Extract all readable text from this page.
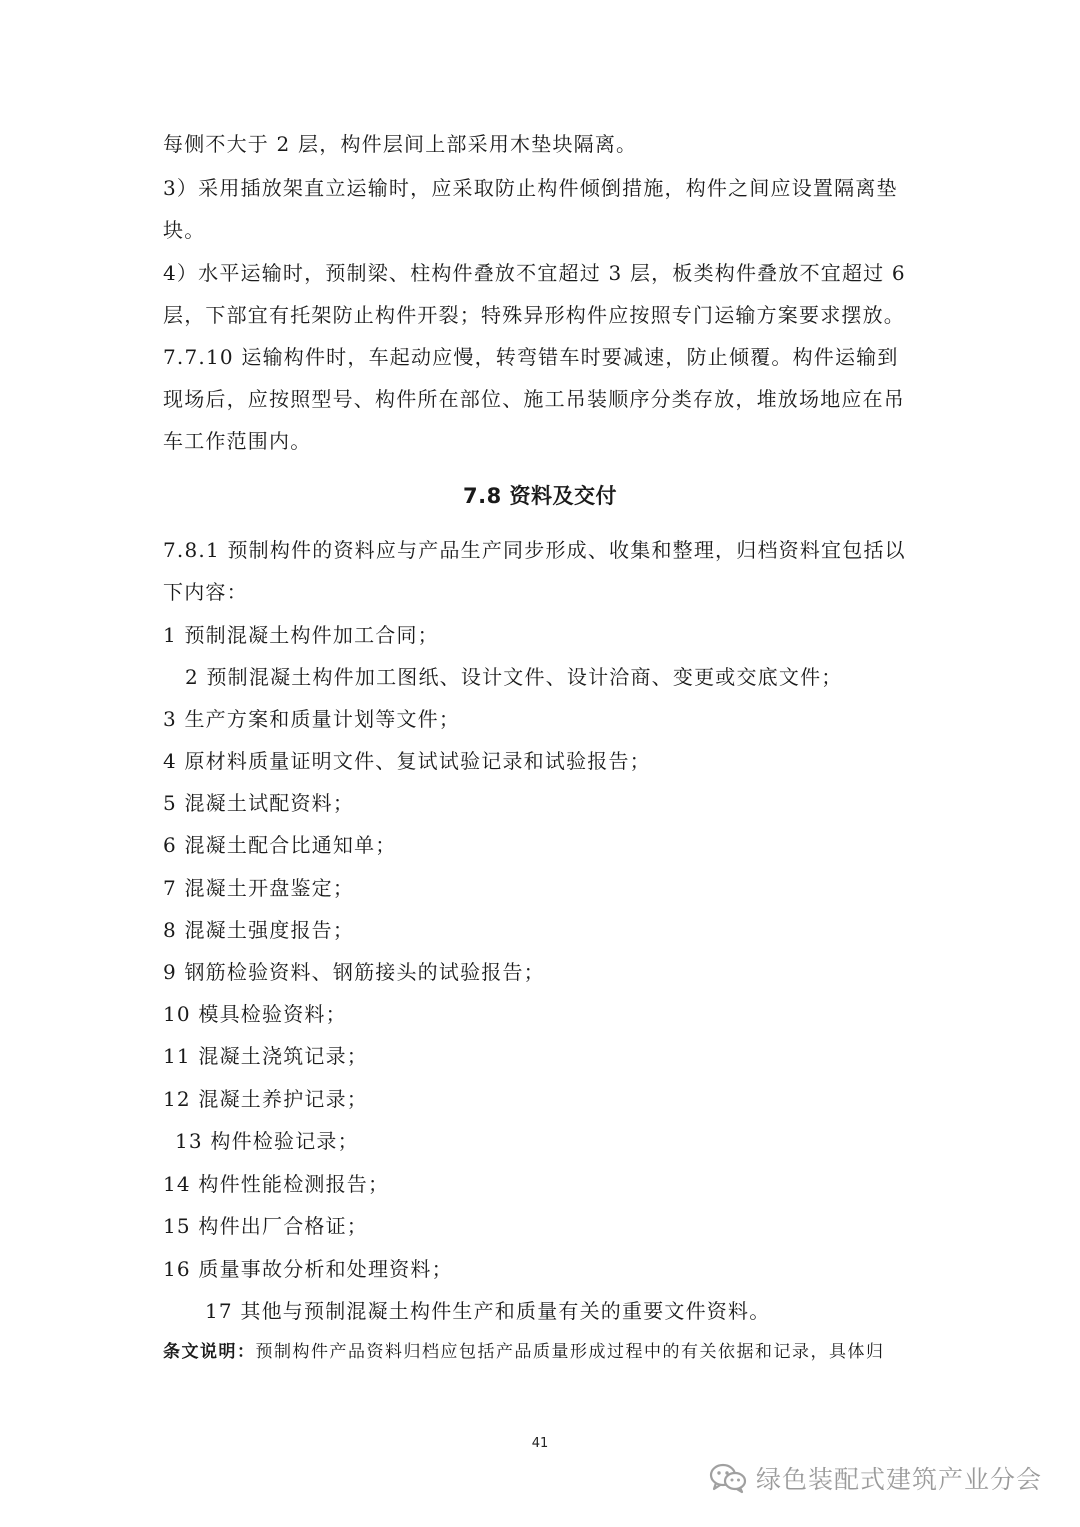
每侧不大于 2 层，构件层间上部采用木垫块隔离。
3）采用插放架直立运输时，应采取防止构件倾倒措施，构件之间应设置隔离垫
块。
4）水平运输时，预制梁、柱构件叠放不宜超过 3 层，板类构件叠放不宜超过 6
层，下部宜有托架防止构件开裂；特殊异形构件应按照专门运输方案要求摆放。
7.7.10 运输构件时，车起动应慢，转弯错车时要减速，防止倾覆。构件运输到
现场后，应按照型号、构件所在部位、施工吊装顺序分类存放，堆放场地应在吊
车工作范围内。
7.8 资料及交付
7.8.1 预制构件的资料应与产品生产同步形成、收集和整理，归档资料宜包括以
下内容：
1 预制混凝土构件加工合同；
2 预制混凝土构件加工图纸、设计文件、设计洽商、变更或交底文件；
3 生产方案和质量计划等文件；
4 原材料质量证明文件、复试试验记录和试验报告；
5 混凝土试配资料；
6 混凝土配合比通知单；
7 混凝土开盘鉴定；
8 混凝土强度报告；
9 钢筋检验资料、钢筋接头的试验报告；
10 模具检验资料；
11 混凝土浇筑记录；
12 混凝土养护记录；
13 构件检验记录；
14 构件性能检测报告；
15 构件出厂合格证；
16 质量事故分析和处理资料；
17 其他与预制混凝土构件生产和质量有关的重要文件资料。
条文说明：预制构件产品资料归档应包括产品质量形成过程中的有关依据和记录，具体归
41
绿色装配式建筑产业分会
